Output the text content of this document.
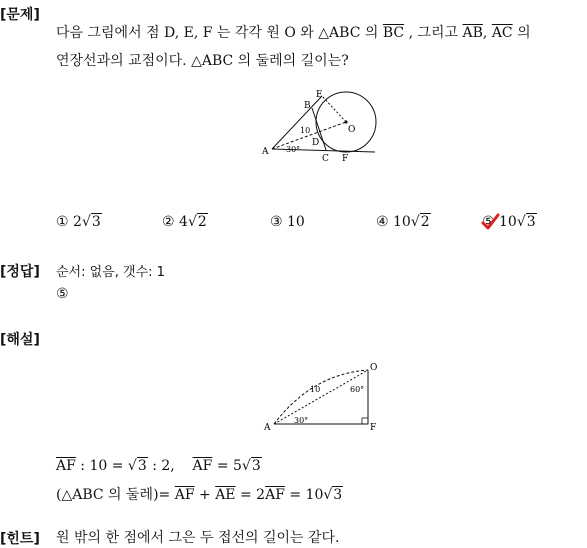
[문제]
다음 그림에서 점 D, E, F 는 각각 원 O 와 △ABC 의 $\overline{BC}$ , 그리고 $\overline{AB}$, $\overline{AC}$ 의
연장선과의 교점이다. △ABC 의 둘레의 길이는?
A
B
E
D
O
C F
10
30°
① 2√3	② 4√2	③ 10	④ 10√2	⑤ 10√3
[정답] 순서: 없음, 갯수: 1
⑤
[해설]
A
O
F
10	60°
30°
$\overline{AF}$ : 10 = √3 : 2, $\overline{AF} = 5√3$
(△ABC 의 둘레)= $\overline{AF} + \overline{AE} = 2\overline{AF} = 10√3$
[힌트] 원 밖의 한 점에서 그은 두 접선의 길이는 같다.
